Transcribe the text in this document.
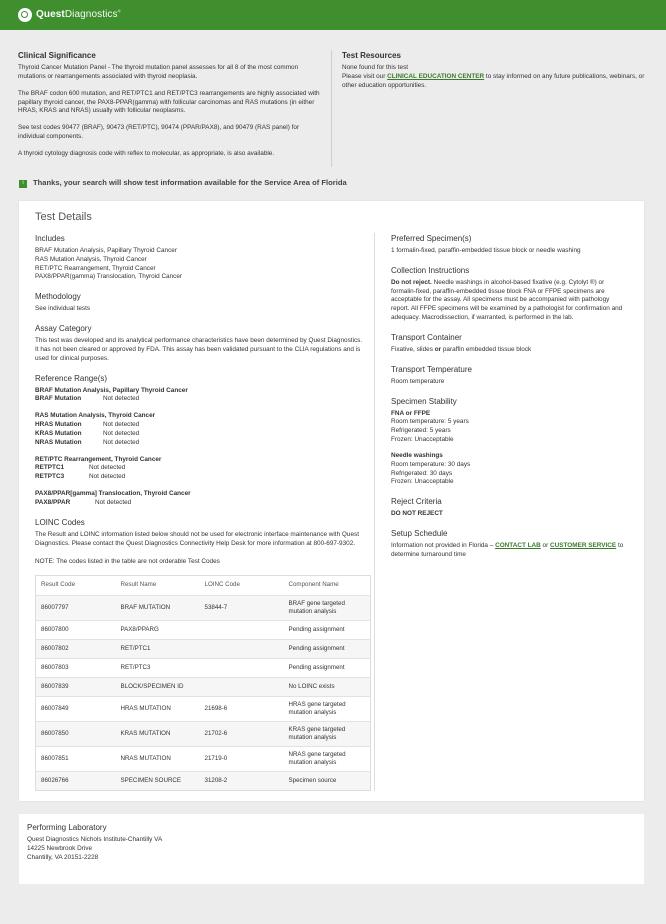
QuestDiagnostics®
Clinical Significance

Thyroid Cancer Mutation Panel - The thyroid mutation panel assesses for all 8 of the most common mutations or rearrangements associated with thyroid neoplasia.

The BRAF codon 600 mutation, and RET/PTC1 and RET/PTC3 rearrangements are highly associated with papillary thyroid cancer, the PAX8-PPAR(gamma) with follicular carcinomas and RAS mutations (in either HRAS, KRAS and NRAS) usually with follicular neoplasms.

See test codes 90477 (BRAF), 90473 (RET/PTC), 90474 (PPAR/PAX8), and 90479 (RAS panel) for individual components.

A thyroid cytology diagnosis code with reflex to molecular, as appropriate, is also available.

Test Resources
None found for this test
Please visit our CLINICAL EDUCATION CENTER to stay informed on any future publications, webinars, or other education opportunities.
i	Thanks, your search will show test information available for the Service Area of Florida
Test Details
Includes
BRAF Mutation Analysis, Papillary Thyroid Cancer
RAS Mutation Analysis, Thyroid Cancer
RET/PTC Rearrangement, Thyroid Cancer
PAX8/PPAR(gamma) Translocation, Thyroid Cancer
Methodology
See individual tests
Assay Category
This test was developed and its analytical performance characteristics have been determined by Quest Diagnostics. It has not been cleared or approved by FDA. This assay has been validated pursuant to the CLIA regulations and is used for clinical purposes.
Reference Range(s)
BRAF Mutation Analysis, Papillary Thyroid Cancer
BRAF Mutation	Not detected
RAS Mutation Analysis, Thyroid Cancer
HRAS Mutation	Not detected
KRAS Mutation	Not detected
NRAS Mutation	Not detected
RET/PTC Rearrangement, Thyroid Cancer
RETPTC1	Not detected
RETPTC3	Not detected
PAX8/PPAR[gamma] Translocation, Thyroid Cancer
PAX8/PPAR	Not detected
LOINC Codes
The Result and LOINC information listed below should not be used for electronic interface maintenance with Quest Diagnostics. Please contact the Quest Diagnostics Connectivity Help Desk for more information at 800-697-9302.
NOTE: The codes listed in the table are not orderable Test Codes
Result Code	Result Name	LOINC Code	Component Name
86007797	BRAF MUTATION	53844-7	BRAF gene targeted mutation analysis
86007800	PAX8/PPARG		Pending assignment
86007802	RET/PTC1		Pending assignment
86007803	RET/PTC3		Pending assignment
86007839	BLOCK/SPECIMEN ID		No LOINC exists
86007849	HRAS MUTATION	21698-6	HRAS gene targeted mutation analysis
86007850	KRAS MUTATION	21702-6	KRAS gene targeted mutation analysis
86007851	NRAS MUTATION	21719-0	NRAS gene targeted mutation analysis
86026766	SPECIMEN SOURCE	31208-2	Specimen source
Preferred Specimen(s)
1 formalin-fixed, paraffin-embedded tissue block or needle washing
Collection Instructions
Do not reject. Needle washings in alcohol-based fixative (e.g. Cytolyt ®) or formalin-fixed, paraffin-embedded tissue block FNA or FFPE specimens are acceptable for the assay. All specimens must be accompanied with pathology report. All FFPE specimens will be examined by a pathologist for confirmation and adequacy. Macrodissection, if warranted, is performed in the lab.
Transport Container
Fixative, slides or paraffin embedded tissue block
Transport Temperature
Room temperature
Specimen Stability
FNA or FFPE
Room temperature: 5 years
Refrigerated: 5 years
Frozen: Unacceptable
Needle washings
Room temperature: 30 days
Refrigerated: 30 days
Frozen: Unacceptable
Reject Criteria
DO NOT REJECT
Setup Schedule
Information not provided in Florida – CONTACT LAB or CUSTOMER SERVICE to determine turnaround time
Performing Laboratory
Quest Diagnostics Nichols Institute-Chantilly VA
14225 Newbrook Drive
Chantilly, VA 20151-2228
